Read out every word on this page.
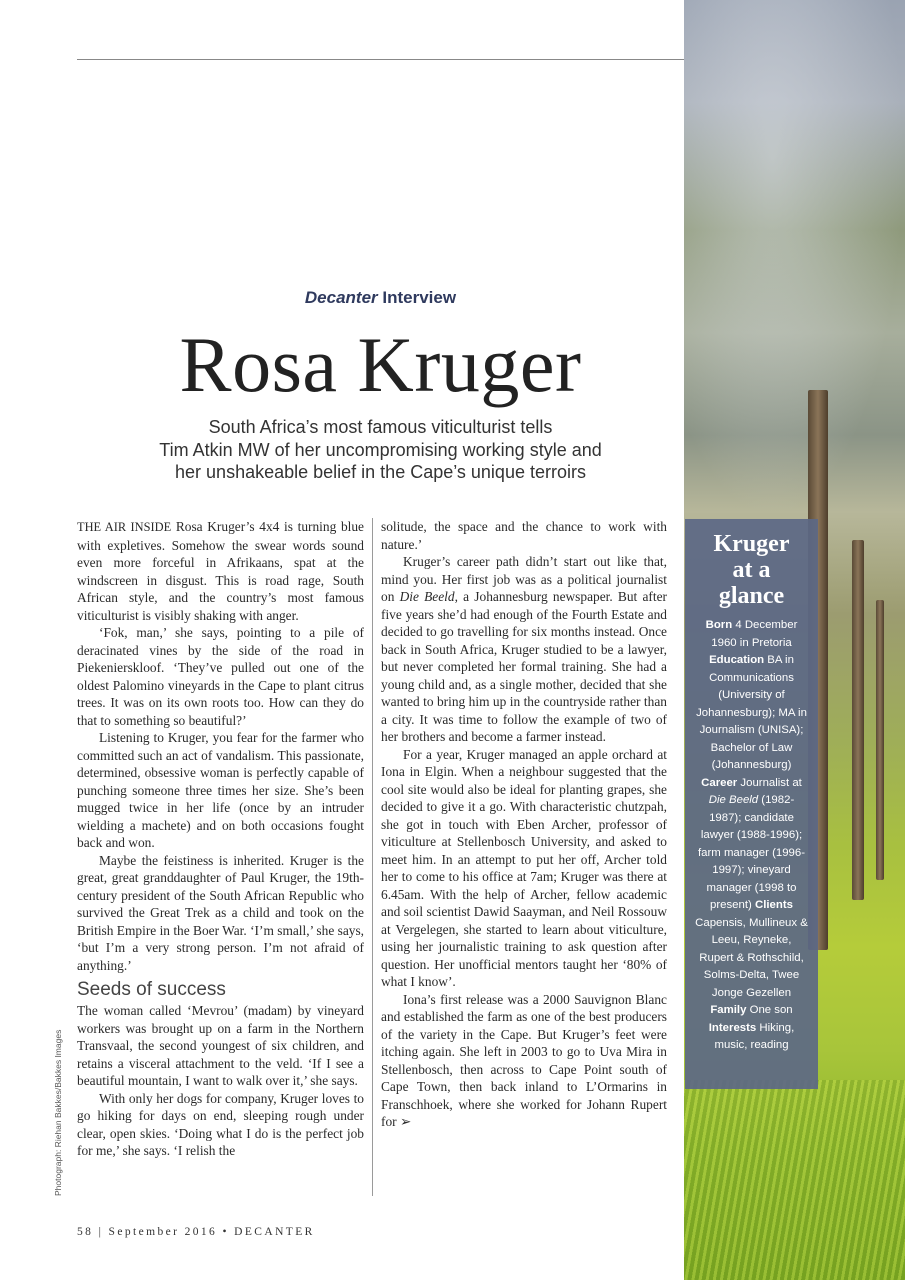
Decanter Interview
Rosa Kruger
South Africa’s most famous viticulturist tells
Tim Atkin MW of her uncompromising working style and
her unshakeable belief in the Cape’s unique terroirs

THE AIR INSIDE Rosa Kruger’s 4x4 is turning blue with expletives. Somehow the swear words sound even more forceful in Afrikaans, spat at the windscreen in disgust. This is road rage, South African style, and the country’s most famous viticulturist is visibly shaking with anger.

‘Fok, man,’ she says, pointing to a pile of deracinated vines by the side of the road in Piekenierskloof. ‘They’ve pulled out one of the oldest Palomino vineyards in the Cape to plant citrus trees. It was on its own roots too. How can they do that to something so beautiful?’

Listening to Kruger, you fear for the farmer who committed such an act of vandalism. This passionate, determined, obsessive woman is perfectly capable of punching someone three times her size. She’s been mugged twice in her life (once by an intruder wielding a machete) and on both occasions fought back and won.

Maybe the feistiness is inherited. Kruger is the great, great granddaughter of Paul Kruger, the 19th-century president of the South African Republic who survived the Great Trek as a child and took on the British Empire in the Boer War. ‘I’m small,’ she says, ‘but I’m a very strong person. I’m not afraid of anything.’

Seeds of success

The woman called ‘Mevrou’ (madam) by vineyard workers was brought up on a farm in the Northern Transvaal, the second youngest of six children, and retains a visceral attachment to the veld. ‘If I see a beautiful mountain, I want to walk over it,’ she says.

With only her dogs for company, Kruger loves to go hiking for days on end, sleeping rough under clear, open skies. ‘Doing what I do is the perfect job for me,’ she says. ‘I relish the

solitude, the space and the chance to work with nature.’

Kruger’s career path didn’t start out like that, mind you. Her first job was as a political journalist on Die Beeld, a Johannesburg newspaper. But after five years she’d had enough of the Fourth Estate and decided to go travelling for six months instead. Once back in South Africa, Kruger studied to be a lawyer, but never completed her formal training. She had a young child and, as a single mother, decided that she wanted to bring him up in the countryside rather than a city. It was time to follow the example of two of her brothers and become a farmer instead.

For a year, Kruger managed an apple orchard at Iona in Elgin. When a neighbour suggested that the cool site would also be ideal for planting grapes, she decided to give it a go. With characteristic chutzpah, she got in touch with Eben Archer, professor of viticulture at Stellenbosch University, and asked to meet him. In an attempt to put her off, Archer told her to come to his office at 7am; Kruger was there at 6.45am. With the help of Archer, fellow academic and soil scientist Dawid Saayman, and Neil Rossouw at Vergelegen, she started to learn about viticulture, using her journalistic training to ask question after question. Her unofficial mentors taught her ‘80% of what I know’.

Iona’s first release was a 2000 Sauvignon Blanc and established the farm as one of the best producers of the variety in the Cape. But Kruger’s feet were itching again. She left in 2003 to go to Uva Mira in Stellenbosch, then across to Cape Point south of Cape Town, then back inland to L’Ormarins in Franschhoek, where she worked for Johann Rupert for ➢

Kruger
at a
glance
Born 4 December 1960 in Pretoria Education BA in Communications (University of Johannesburg); MA in Journalism (UNISA); Bachelor of Law (Johannesburg) Career Journalist at Die Beeld (1982-1987); candidate lawyer (1988-1996); farm manager (1996-1997); vineyard manager (1998 to present) Clients Capensis, Mullineux & Leeu, Reyneke, Rupert & Rothschild, Solms-Delta, Twee Jonge Gezellen Family One son Interests Hiking, music, reading
Photograph: Riehan Bakkes/Bakkes Images
58 | September 2016 • DECANTER
